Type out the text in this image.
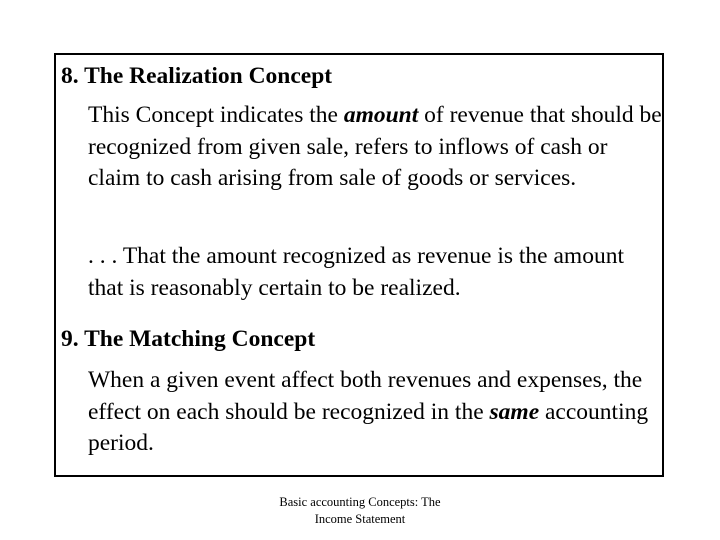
8. The Realization Concept

This Concept indicates the amount of revenue that should be recognized from given sale, refers to inflows of cash or claim to cash arising from sale of goods or services.

. . . That the amount recognized as revenue is the amount that is reasonably certain to be realized.

9. The Matching Concept

When a given event affect both revenues and expenses, the effect on each should be recognized in the same accounting period.

Basic accounting Concepts: The
Income Statement
